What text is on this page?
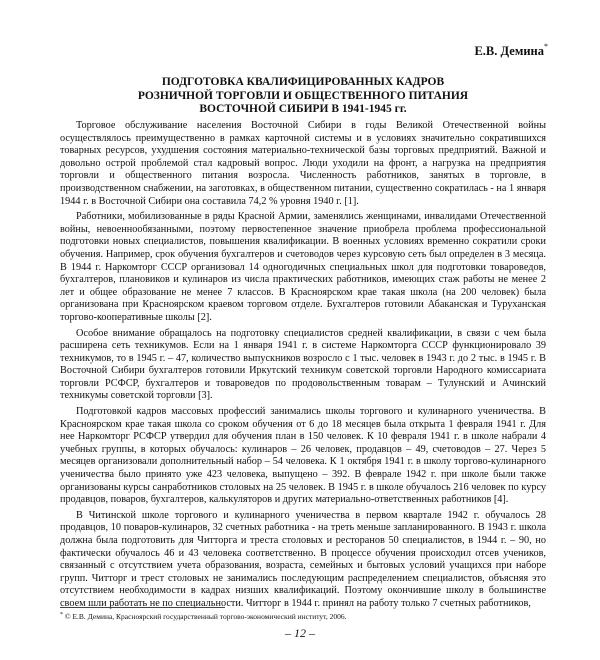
Е.В. Демина*
ПОДГОТОВКА КВАЛИФИЦИРОВАННЫХ КАДРОВ
РОЗНИЧНОЙ ТОРГОВЛИ И ОБЩЕСТВЕННОГО ПИТАНИЯ
ВОСТОЧНОЙ СИБИРИ В 1941-1945 гг.

Торговое обслуживание населения Восточной Сибири в годы Великой Отечественной войны осуществлялось преимущественно в рамках карточной системы и в условиях значительно сократившихся товарных ресурсов, ухудшения состояния материально-технической базы торговых предприятий. Важной и довольно острой проблемой стал кадровый вопрос. Люди уходили на фронт, а нагрузка на предприятия торговли и общественного питания возросла. Численность работников, занятых в торговле, в производственном снабжении, на заготовках, в общественном питании, существенно сократилась - на 1 января 1944 г. в Восточной Сибири она составила 74,2 % уровня 1940 г. [1].

Работники, мобилизованные в ряды Красной Армии, заменялись женщинами, инвалидами Отечественной войны, невоеннообязанными, поэтому первостепенное значение приобрела проблема профессиональной подготовки новых специалистов, повышения квалификации. В военных условиях временно сократили сроки обучения. Например, срок обучения бухгалтеров и счетоводов через курсовую сеть был определен в 3 месяца. В 1944 г. Наркомторг СССР организовал 14 одногодичных специальных школ для подготовки товароведов, бухгалтеров, плановиков и кулинаров из числа практических работников, имеющих стаж работы не менее 2 лет и общее образование не менее 7 классов. В Красноярском крае такая школа (на 200 человек) была организована при Красноярском краевом торговом отделе. Бухгалтеров готовили Абаканская и Туруханская торгово-кооперативные школы [2].

Особое внимание обращалось на подготовку специалистов средней квалификации, в связи с чем была расширена сеть техникумов. Если на 1 января 1941 г. в системе Наркомторга СССР функционировало 39 техникумов, то в 1945 г. – 47, количество выпускников возросло с 1 тыс. человек в 1943 г. до 2 тыс. в 1945 г. В Восточной Сибири бухгалтеров готовили Иркутский техникум советской торговли Народного комиссариата торговли РСФСР, бухгалтеров и товароведов по продовольственным товарам – Тулунский и Ачинский техникумы советской торговли [3].

Подготовкой кадров массовых профессий занимались школы торгового и кулинарного ученичества. В Красноярском крае такая школа со сроком обучения от 6 до 18 месяцев была открыта 1 февраля 1941 г. Для нее Наркомторг РСФСР утвердил для обучения план в 150 человек. К 10 февраля 1941 г. в школе набрали 4 учебных группы, в которых обучалось: кулинаров – 26 человек, продавцов – 49, счетоводов – 27. Через 5 месяцев организовали дополнительный набор – 54 человека. К 1 октября 1941 г. в школу торгово-кулинарного ученичества было принято уже 423 человека, выпущено – 392. В феврале 1942 г. при школе были также организованы курсы санработников столовых на 25 человек. В 1945 г. в школе обучалось 216 человек по курсу продавцов, поваров, бухгалтеров, калькуляторов и других материально-ответственных работников [4].

В Читинской школе торгового и кулинарного ученичества в первом квартале 1942 г. обучалось 28 продавцов, 10 поваров-кулинаров, 32 счетных работника - на треть меньше запланированного. В 1943 г. школа должна была подготовить для Читторга и треста столовых и ресторанов 50 специалистов, в 1944 г. – 90, но фактически обучалось 46 и 43 человека соответственно. В процессе обучения происходил отсев учеников, связанный с отсутствием учета образования, возраста, семейных и бытовых условий учащихся при наборе групп. Читторг и трест столовых не занимались последующим распределением специалистов, объясняя это отсутствием необходимости в кадрах низших квалификаций. Поэтому окончившие школу в большинстве своем шли работать не по специальности. Читторг в 1944 г. принял на работу только 7 счетных работников,

* © Е.В. Демина, Красноярский государственный торгово-экономический институт, 2006.
– 12 –
